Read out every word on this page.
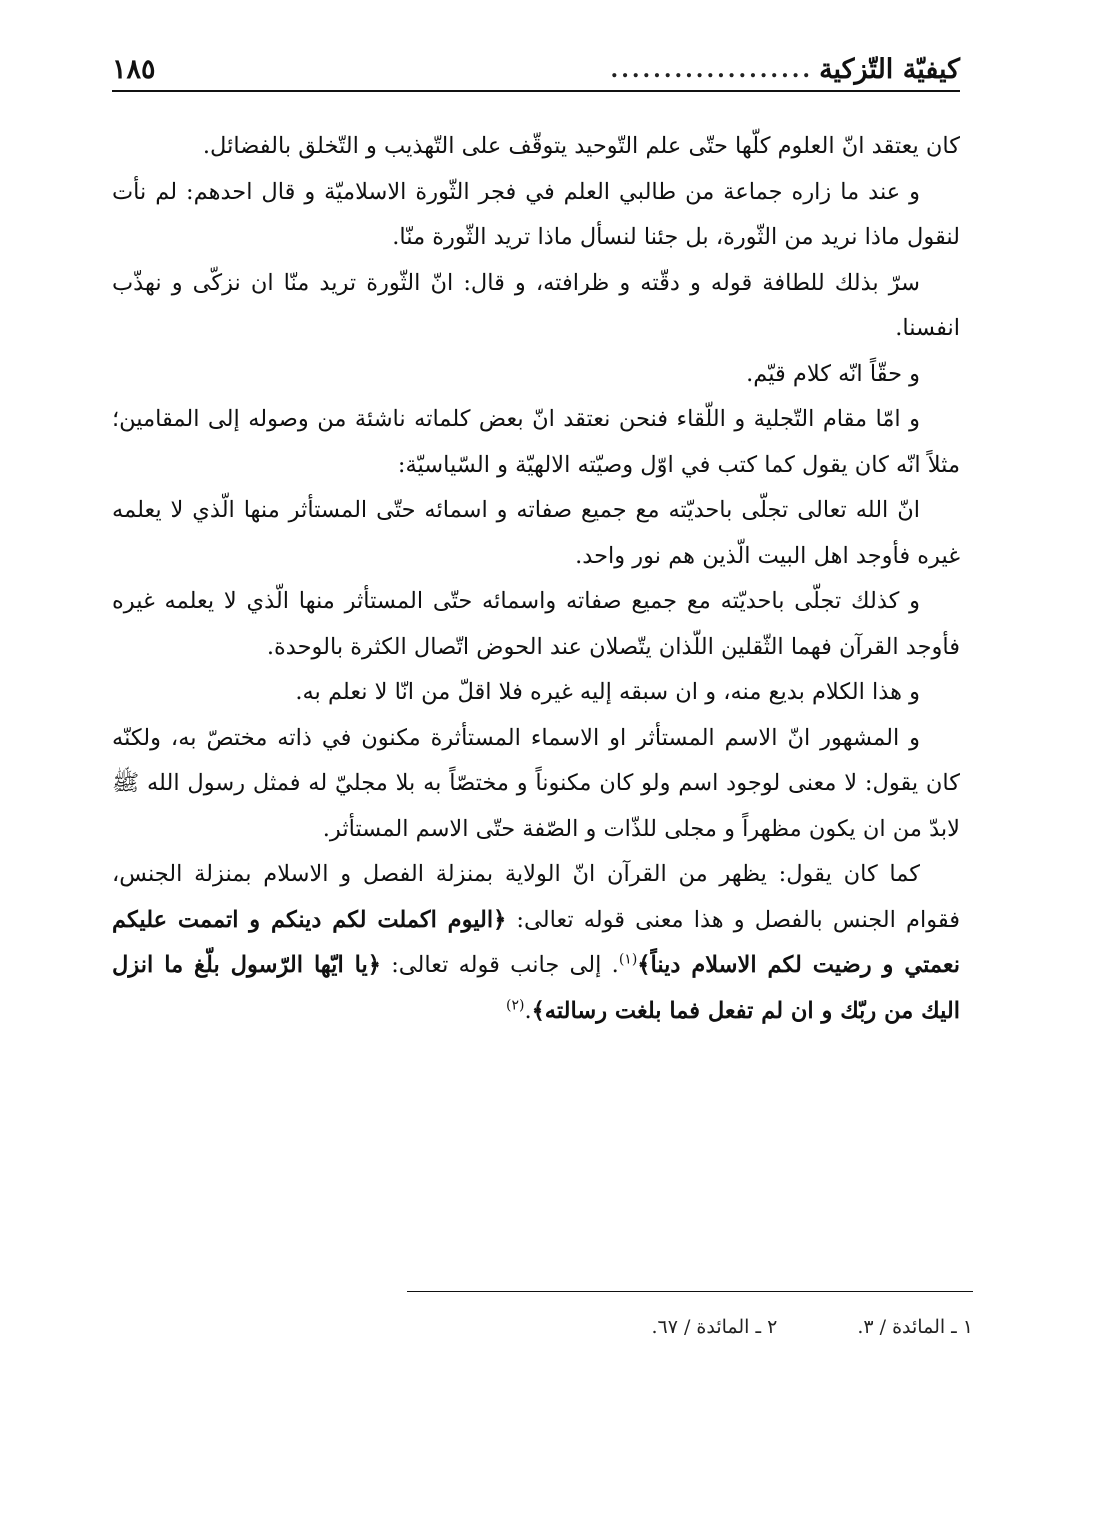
كيفيّة التّزكية
...................
١٨٥

كان يعتقد انّ العلوم كلّها حتّى علم التّوحيد يتوقّف على التّهذيب و التّخلق بالفضائل.

و عند ما زاره جماعة من طالبي العلم في فجر الثّورة الاسلاميّة و قال احدهم: لم نأت لنقول ماذا نريد من الثّورة، بل جئنا لنسأل ماذا تريد الثّورة منّا.

سرّ بذلك للطافة قوله و دقّته و ظرافته، و قال: انّ الثّورة تريد منّا ان نزكّى و نهذّب انفسنا.

و حقّاً انّه كلام قيّم.

و امّا مقام التّجلية و اللّقاء فنحن نعتقد انّ بعض كلماته ناشئة من وصوله إلى المقامين؛ مثلاً انّه كان يقول كما كتب في اوّل وصيّته الالهيّة و السّياسيّة:

انّ الله تعالى تجلّى باحديّته مع جميع صفاته و اسمائه حتّى المستأثر منها الّذي لا يعلمه غيره فأوجد اهل البيت الّذين هم نور واحد.

و كذلك تجلّى باحديّته مع جميع صفاته واسمائه حتّى المستأثر منها الّذي لا يعلمه غيره فأوجد القرآن فهما الثّقلين اللّذان يتّصلان عند الحوض اتّصال الكثرة بالوحدة.

و هذا الكلام بديع منه، و ان سبقه إليه غيره فلا اقلّ من انّا لا نعلم به.

و المشهور انّ الاسم المستأثر او الاسماء المستأثرة مكنون في ذاته مختصّ به، ولكنّه كان يقول: لا معنى لوجود اسم ولو كان مكنوناً و مختصّاً به بلا مجليّ له فمثل رسول الله ﷺ لابدّ من ان يكون مظهراً و مجلى للذّات و الصّفة حتّى الاسم المستأثر.

كما كان يقول: يظهر من القرآن انّ الولاية بمنزلة الفصل و الاسلام بمنزلة الجنس، فقوام الجنس بالفصل و هذا معنى قوله تعالى: ﴿اليوم اكملت لكم دينكم و اتممت عليكم نعمتي و رضيت لكم الاسلام ديناً﴾$^{(١)}$. إلى جانب قوله تعالى: ﴿يا ايّها الرّسول بلّغ ما انزل اليك من ربّك و ان لم تفعل فما بلغت رسالته﴾.$^{(٢)}$

١ ـ المائدة / ٣.
٢ ـ المائدة / ٦٧.
